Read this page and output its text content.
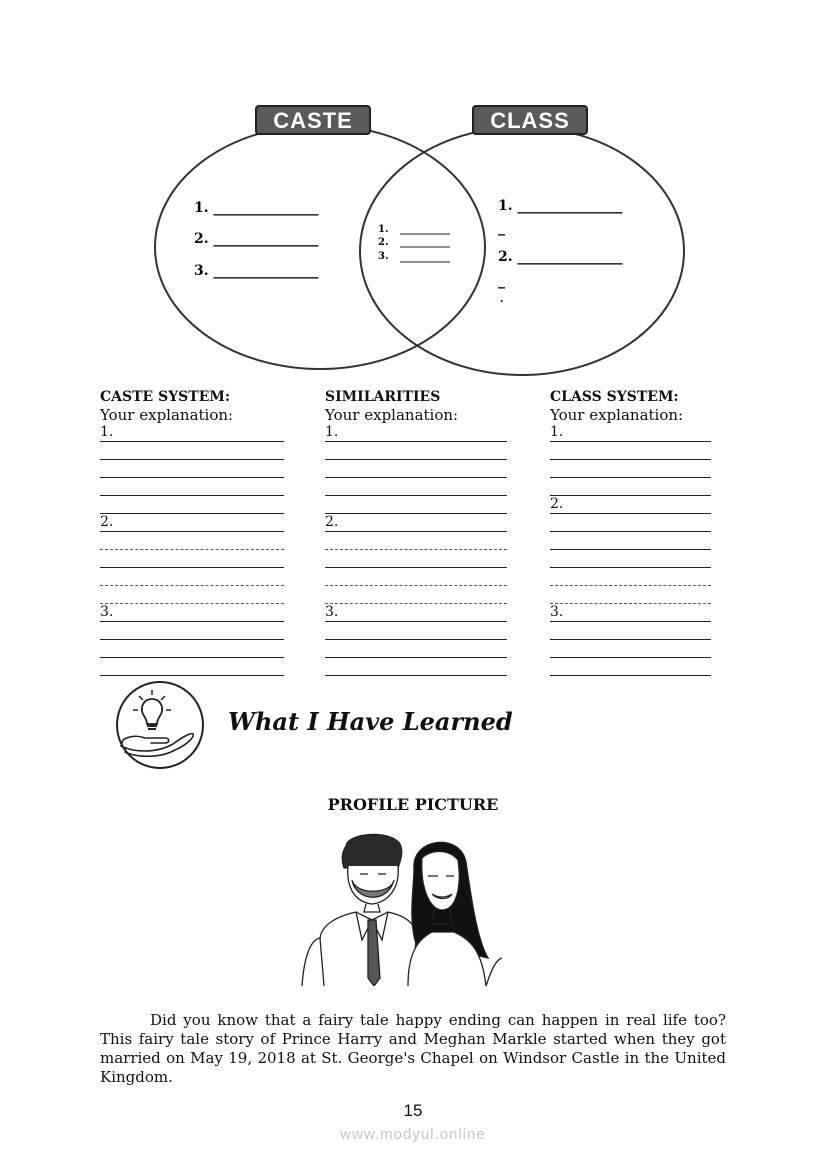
CASTE	CLASS
1. _______________
2. _______________
3. _______________
1.
2.
3.
1. _______________
_
2. _______________
_
.
CASTE SYSTEM:
Your explanation:
1.
2.
3.
SIMILARITIES
Your explanation:
1.
2.
3.
CLASS SYSTEM:
Your explanation:
1.
2.
3.
What I Have Learned
PROFILE PICTURE
Did you know that a fairy tale happy ending can happen in real life too? This fairy tale story of Prince Harry and Meghan Markle started when they got married on May 19, 2018 at St. George's Chapel on Windsor Castle in the United Kingdom.
15
www.modyul.online
